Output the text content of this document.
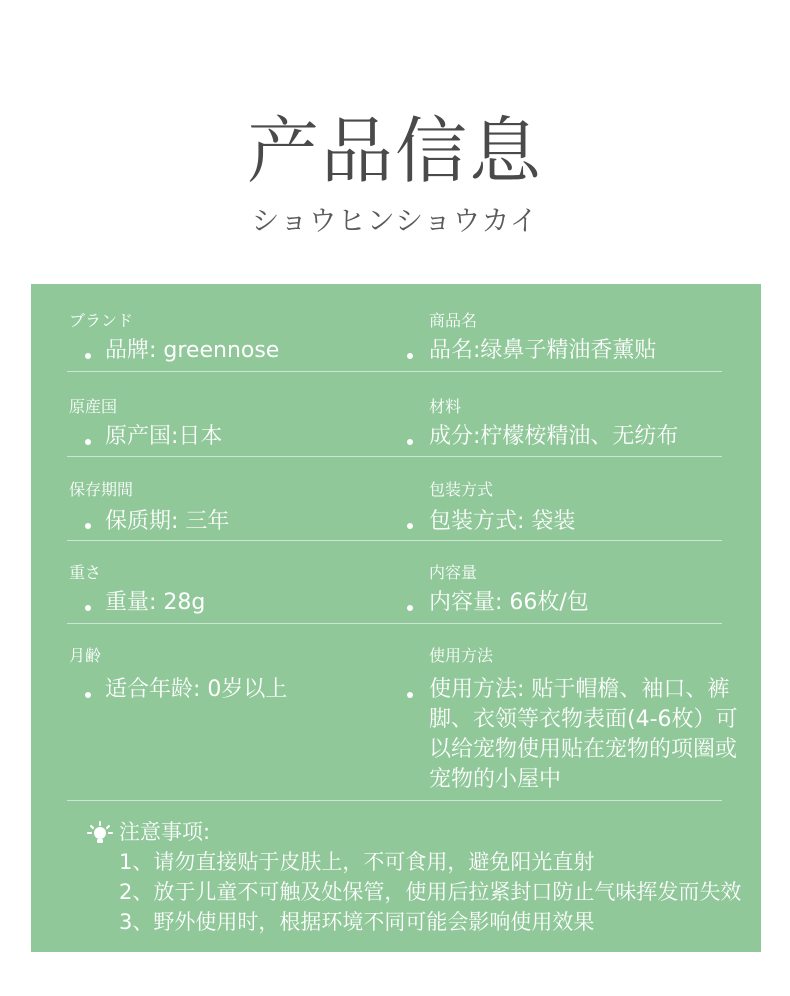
产品信息
ショウヒンショウカイ
ブランド
品牌: greennose
商品名
品名:绿鼻子精油香薰贴
原産国
原产国:日本
材料
成分:柠檬桉精油、无纺布
保存期間
保质期: 三年
包装方式
包装方式: 袋装
重さ
重量: 28g
内容量
内容量: 66枚/包
月齢
适合年龄: 0岁以上
使用方法
使用方法: 贴于帽檐、袖口、裤脚、衣领等衣物表面(4-6枚）可以给宠物使用贴在宠物的项圈或宠物的小屋中
注意事项:
1、请勿直接贴于皮肤上，不可食用，避免阳光直射
2、放于儿童不可触及处保管，使用后拉紧封口防止气味挥发而失效
3、野外使用时，根据环境不同可能会影响使用效果
